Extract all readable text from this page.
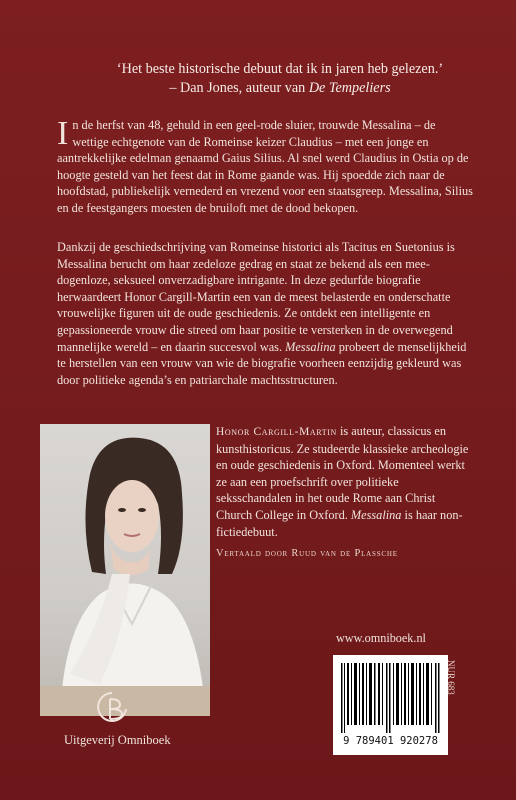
‘Het beste historische debuut dat ik in jaren heb gelezen.’
– Dan Jones, auteur van De Tempeliers

In de herfst van 48, gehuld in een geel-rode sluier, trouwde Messalina – de wettige echtgenote van de Romeinse keizer Claudius – met een jonge en aantrekkelijke edelman genaamd Gaius Silius. Al snel werd Claudius in Ostia op de hoogte gesteld van het feest dat in Rome gaande was. Hij spoedde zich naar de hoofdstad, publiekelijk vernederd en vrezend voor een staatsgreep. Messalina, Silius en de feestgangers moesten de bruiloft met de dood bekopen.

Dankzij de geschiedschrijving van Romeinse historici als Tacitus en Suetonius is Messalina berucht om haar zedeloze gedrag en staat ze bekend als een meedogenloze, seksueel onverzadigbare intrigante. In deze gedurfde biografie herwaardeert Honor Cargill-Martin een van de meest belasterde en onderschatte vrouwelijke figuren uit de oude geschiedenis. Ze ontdekt een intelligente en gepassioneerde vrouw die streed om haar positie te versterken in de overwegend mannelijke wereld – en daarin succesvol was. Messalina probeert de menselijkheid te herstellen van een vrouw van wie de biografie voorheen eenzijdig gekleurd was door politieke agenda’s en patriarchale machtsstructuren.

Honor Cargill-Martin is auteur, classicus en kunsthistoricus. Ze studeerde klassieke archeologie en oude geschiedenis in Oxford. Momenteel werkt ze aan een proefschrift over politieke seksschandalen in het oude Rome aan Christ Church College in Oxford. Messalina is haar non-fictiedebuut.

Vertaald door Ruud van de Plassche
www.omniboek.nl
9 789401 920278
NUR 683
Uitgeverij Omniboek
